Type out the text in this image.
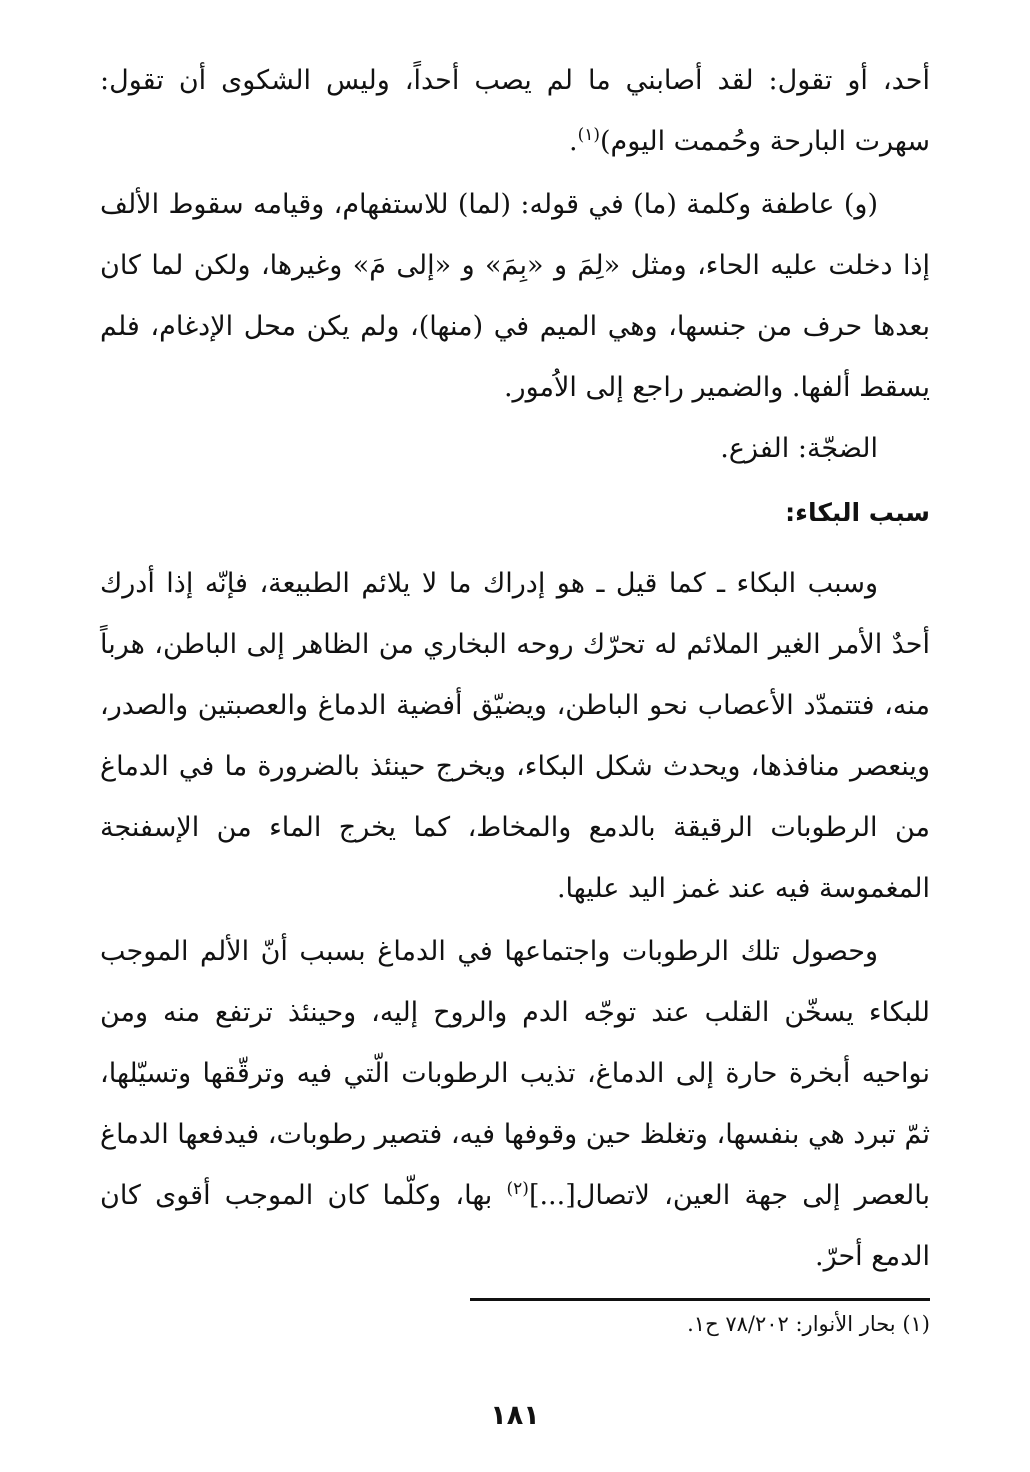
أحد، أو تقول: لقد أصابني ما لم يصب أحداً، وليس الشكوى أن تقول: سهرت البارحة وحُممت اليوم)$^{(١)}$.

(و) عاطفة وكلمة (ما) في قوله: (لما) للاستفهام، وقيامه سقوط الألف إذا دخلت عليه الحاء، ومثل «لِمَ و «بِمَ» و «إلى مَ» وغيرها، ولكن لما كان بعدها حرف من جنسها، وهي الميم في (منها)، ولم يكن محل الإدغام، فلم يسقط ألفها. والضمير راجع إلى الاُمور.

الضجّة: الفزع.

سبب البكاء:

وسبب البكاء ـ كما قيل ـ هو إدراك ما لا يلائم الطبيعة، فإنّه إذا أدرك أحدٌ الأمر الغير الملائم له تحرّك روحه البخاري من الظاهر إلى الباطن، هرباً منه، فتتمدّد الأعصاب نحو الباطن، ويضيّق أفضية الدماغ والعصبتين والصدر، وينعصر منافذها، ويحدث شكل البكاء، ويخرج حينئذ بالضرورة ما في الدماغ من الرطوبات الرقيقة بالدمع والمخاط، كما يخرج الماء من الإسفنجة المغموسة فيه عند غمز اليد عليها.

وحصول تلك الرطوبات واجتماعها في الدماغ بسبب أنّ الألم الموجب للبكاء يسخّن القلب عند توجّه الدم والروح إليه، وحينئذ ترتفع منه ومن نواحيه أبخرة حارة إلى الدماغ، تذيب الرطوبات الّتي فيه وترقّقها وتسيّلها، ثمّ تبرد هي بنفسها، وتغلظ حين وقوفها فيه، فتصير رطوبات، فيدفعها الدماغ بالعصر إلى جهة العين، لاتصال[...]$^{(٢)}$ بها، وكلّما كان الموجب أقوى كان الدمع أحرّ.

(١) بحار الأنوار: ٧٨/٢٠٢ ح١.
١٨١
